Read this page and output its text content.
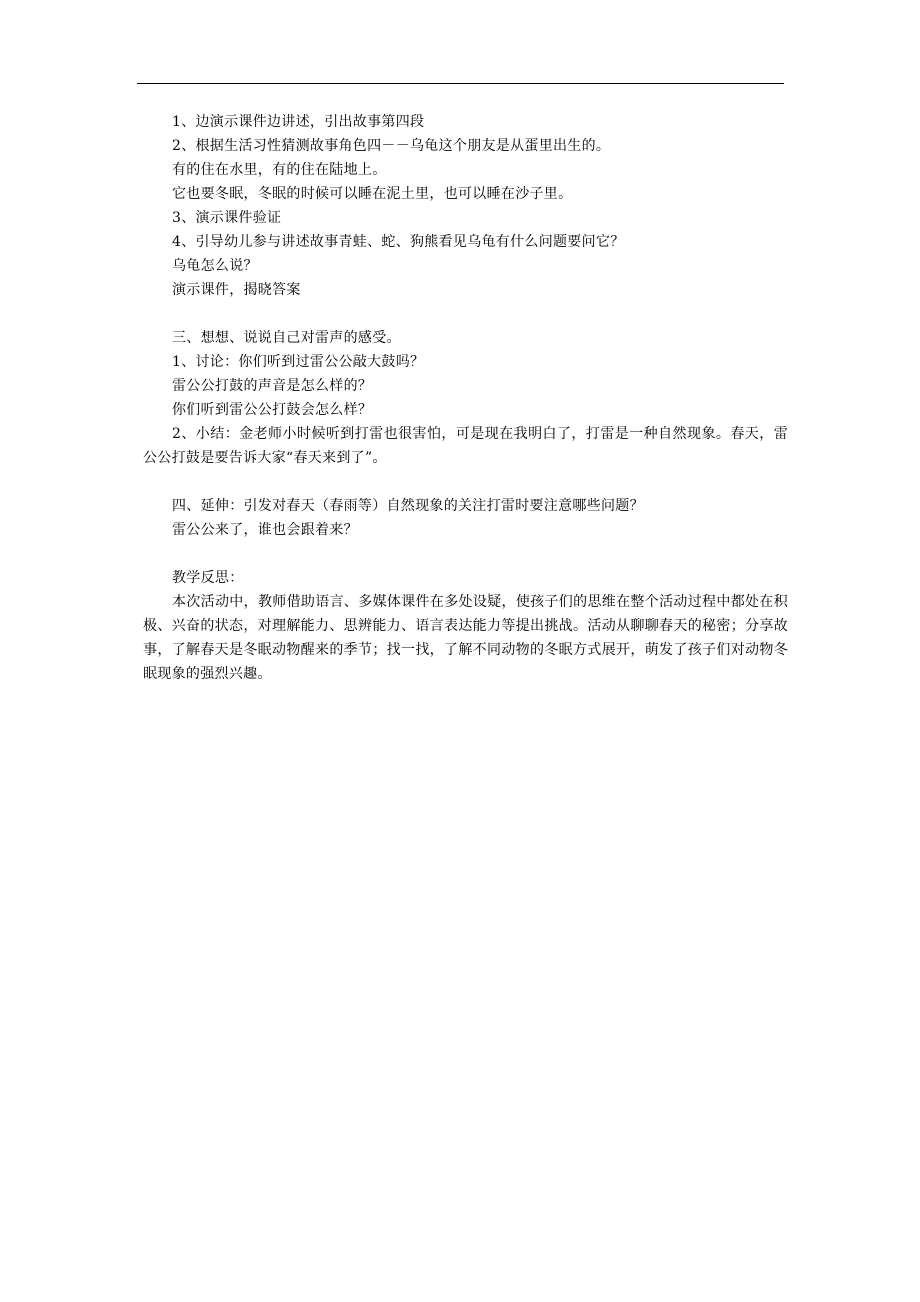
1、边演示课件边讲述，引出故事第四段
2、根据生活习性猜测故事角色四－－乌龟这个朋友是从蛋里出生的。
有的住在水里，有的住在陆地上。
它也要冬眠，冬眠的时候可以睡在泥土里，也可以睡在沙子里。
3、演示课件验证
4、引导幼儿参与讲述故事青蛙、蛇、狗熊看见乌龟有什么问题要问它？
乌龟怎么说？
演示课件，揭晓答案
三、想想、说说自己对雷声的感受。
1、讨论：你们听到过雷公公敲大鼓吗？
雷公公打鼓的声音是怎么样的？
你们听到雷公公打鼓会怎么样？
2、小结：金老师小时候听到打雷也很害怕，可是现在我明白了，打雷是一种自然现象。春天，雷公公打鼓是要告诉大家“春天来到了”。
四、延伸：引发对春天（春雨等）自然现象的关注打雷时要注意哪些问题？
雷公公来了，谁也会跟着来？
教学反思：
本次活动中，教师借助语言、多媒体课件在多处设疑，使孩子们的思维在整个活动过程中都处在积极、兴奋的状态，对理解能力、思辨能力、语言表达能力等提出挑战。活动从聊聊春天的秘密；分享故事，了解春天是冬眠动物醒来的季节；找一找，了解不同动物的冬眠方式展开，萌发了孩子们对动物冬眠现象的强烈兴趣。
